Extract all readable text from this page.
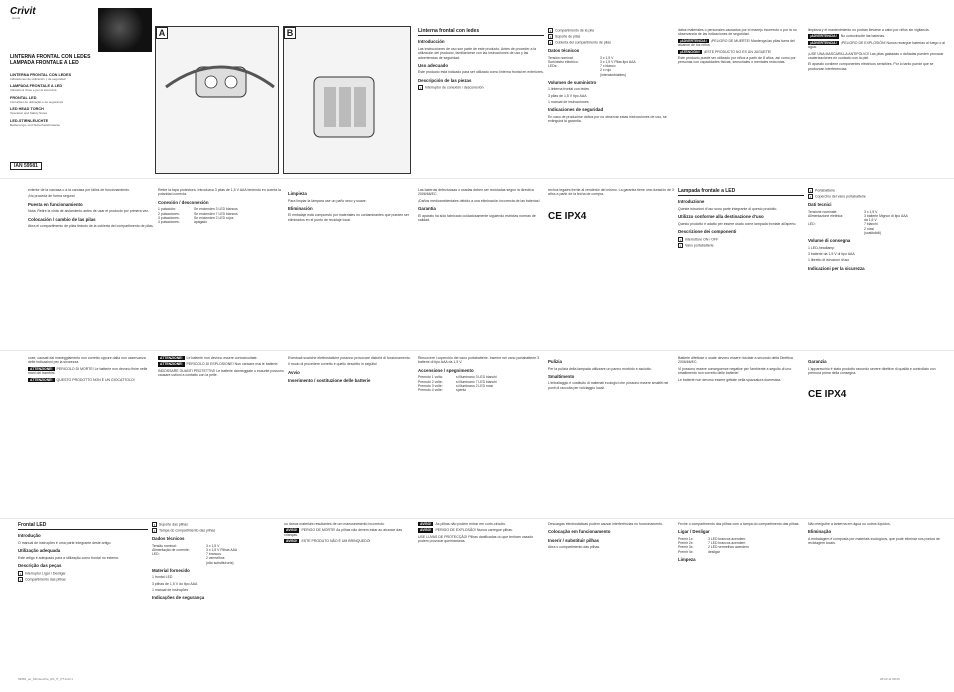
Crivit
sports
LINTERNA FRONTAL CON LEDES
LAMPADA FRONTALE A LED
LINTERNA FRONTAL CON LEDES
Indicaciones de utilización y de seguridad
LAMPADA FRONTALE A LED
Indicazioni d'uso e per la sicurezza
FRONTAL LED
Instruções de utilização e de segurança
LED HEAD TORCH
Operation and Safety Notes
LED-STIRNLEUCHTE
Bedienungs- und Sicherheitshinweise
IAN 59581
A	B	Linterna frontal con ledes
Introducción
Las instrucciones de uso son parte de este producto. Antes de proceder a la utilización del producto, familiarícese con las instrucciones de uso y las advertencias de seguridad.
Uso adecuado
Este producto está indicado para ser utilizado como linterna frontal en exteriores.
Descripción de las piezas
1 Interruptor de conexión / desconexión
2 Compartimento de la pila
3 Soporte de pilas
4 Cubierta del compartimento de pilas
Datos técnicos
Tensión nominal:	3 x 1,5 V
Suministro eléctrico:	3 x 1,5 V Pilas tipo AAA
LEDs:	7 x blanco
2 x rojo
(intercambiables)
Volumen de suministro
1 linterna frontal con ledes
3 pilas de 1,5 V tipo AAA
1 manual de instrucciones
Indicaciones de seguridad
En caso de producirse daños por no observar estas instrucciones de uso, se extinguirá la garantía.
datos materiales o personales causados por el manejo incorrecto o por la no observancia de las indicaciones de seguridad.
¡ADVERTENCIA! ¡PELIGRO DE MUERTE! Mantenga las pilas fuera del alcance de los niños.
¡ATENCIÓN! ¡ESTE PRODUCTO NO ES UN JUGUETE!
Este producto puede ser utilizado por niños a partir de 8 años, así como por personas con capacidades físicas, sensoriales o mentales reducidas.
limpieza y el mantenimiento no podrán llevarse a cabo por niños sin vigilancia.
¡ADVERTENCIA! No cortocircuite las baterías.
¡ADVERTENCIA! ¡PELIGRO DE EXPLOSIÓN! Nunca recargue baterías al fuego o al agua.
¡USE UNA MASCARILLA ANTIPOLVO! Las pilas gastadas o dañadas pueden provocar cauterizaciones en contacto con la piel.
El aparato contiene componentes eléctricos sensibles. Por lo tanto puede que se produzcan interferencias.
exterior de la carcasa o a la carcasa por fallos de funcionamiento.
¡No proceda de forma segura!
Puesta en funcionamiento
Nota: Retire la cinta de aislamiento antes de usar el producto por primera vez.
Colocación / cambio de las pilas
Abra el compartimento de pilas tirando de la cubierta del compartimento de pilas.
Retire la tapa protectora. Introduzca 3 pilas de 1,5 V AAA teniendo en cuenta la polaridad correcta.
Conexión / desconexión
1 pulsación:	Se encienden 3 LED blancos
2 pulsaciones:	Se encienden 7 LED blancos
3 pulsaciones:	Se encienden 2 LED rojos
4 pulsaciones:	apagado
Limpieza
Para limpiar la lámpara use un paño seco y suave.
Eliminación
El embalaje está compuesto por materiales no contaminantes que pueden ser eliminados en el punto de reciclaje local.
Las baterías defectuosas o usadas deben ser recicladas según la directiva 2006/66/EC.
¡Daños medioambientales debido a una eliminación incorrecta de las baterías!
Garantía
El aparato ha sido fabricado cuidadosamente siguiendo estrictas normas de calidad.
rechos legales frente al vendedor del mismo. La garantía tiene una duración de 3 años a partir de la fecha de compra.
CE IPX4
Lampada frontale a LED
Introduzione
Queste istruzioni d'uso sono parte integrante di questo prodotto.
Utilizzo conforme alla destinazione d'uso
Questo prodotto è adatto per essere usato come lampada frontale all'aperto.
Descrizione dei componenti
1 Interruttore ON / OFF
2 Vano portabatterie
3 Portabatterie
4 Coperchio del vano portabatterie
Dati tecnici
Tensione nominale:	3 x 1,5 V
Alimentazione elettrica:	3 batterie Mignon di tipo AAA
da 1,5 V
LED:	7 bianchi
2 rossi
(sostituibili)
Volume di consegna
1 LED-headlamp
3 batterie da 1,5 V di tipo AAA
1 libretto di istruzioni d'uso
Indicazioni per la sicurezza
cose, causati dal maneggiamento non corretto oppure dalla non osservanza delle indicazioni per la sicurezza.
ATTENZIONE! PERICOLO DI MORTE! Le batterie non devono finire nelle mani dei bambini.
ATTENZIONE! QUESTO PRODOTTO NON È UN GIOCATTOLO!
ATTENZIONE! Le batterie non devono essere cortocircuitate.
ATTENZIONE! PERICOLO DI ESPLOSIONE! Non caricare mai le batterie.
INDOSSARE GUANTI PROTETTIVI! Le batterie danneggiate o esaurite possono causare ustioni a contatto con la pelle.
Eventuali scariche elettrostatiche possono provocare disturbi di funzionamento.
Il modo di procedere corretto è quello descritto in seguito!
Avvio
Inserimento / sostituzione delle batterie
Rimuovere i coperchio del vano portabatterie. Inserire nel vano portabatterie 3 batterie di tipo AAA da 1,5 V.
Accensione / spegnimento
Premuto 1 volta:	si illuminano 3 LED bianchi
Premuto 2 volte:	si illuminano 7 LED bianchi
Premuto 3 volte:	si illuminano 2 LED rossi
Premuto 4 volte:	spento
Pulizia
Per la pulizia della lampada utilizzare un panno morbido e asciutto.
Smaltimento
L'imballaggio è costituito di materiali ecologici che possono essere smaltiti nei punti di raccolta per riciclaggio locali.
Batterie difettose o usate devono essere riciclate a secondo della Direttiva 2006/66/EC.
Vi possono essere conseguenze negative per l'ambiente a seguito di uno smaltimento non corretto delle batterie!
Le batterie non devono essere gettate nella spazzatura domestica.
Garanzia
L'apparecchio è stato prodotto secondo severe direttive di qualità e controllato con premura prima della consegna.
CE IPX4
Frontal LED
Introdução
O manual de instruções é uma parte integrante deste artigo.
Utilização adequada
Este artigo é adequado para a utilização como frontal no exterior.
Descrição das peças
1 Interruptor Ligar / Desligar
2 Compartimento das pilhas
3 Suporte das pilhas
4 Tampa do compartimento das pilhas
Dados técnicos
Tensão nominal:	3 x 1,5 V
Alimentação de corrente:	3 x 1,5 V Pilhas AAA
LED:	7 brancos
2 vermelhos
(não substituíveis)
Material fornecido
1 frontal LED
3 pilhas de 1,5 V do tipo AAA
1 manual de instruções
Indicações de segurança
ou danos materiais resultantes de um manuseamento incorrecto.
AVISO! PERIGO DE MORTE! As pilhas não devem estar ao alcance das crianças.
AVISO! ESTE PRODUTO NÃO É UM BRINQUEDO!
AVISO! As pilhas não podem entrar em curto-circuito.
AVISO! PERIGO DE EXPLOSÃO! Nunca carregue pilhas.
USE LUVAS DE PROTECÇÃO! Pilhas danificadas ou que tenham vazado podem provocar queimaduras.
Descargas electrostáticas podem causar interferências no funcionamento.
Colocação em funcionamento
Inserir / substituir pilhas
Abra o compartimento das pilhas.
Feche o compartimento das pilhas com a tampa do compartimento das pilhas.
Ligar / Desligar
Premir 1x:	3 LED brancos acendem
Premir 2x:	7 LED brancos acendem
Premir 3x:	2 LED vermelhos acendem
Premir 4x:	desligar
Limpeza
Não mergulhe a lanterna em água ou outros líquidos.
Eliminação
A embalagem é composta por materiais ecológicos, que pode eliminar nos pontos de reciclagem locais.
59581_ac_Stirnleuchte_ES_IT_PT.indd 1	28.02.11 08:25
